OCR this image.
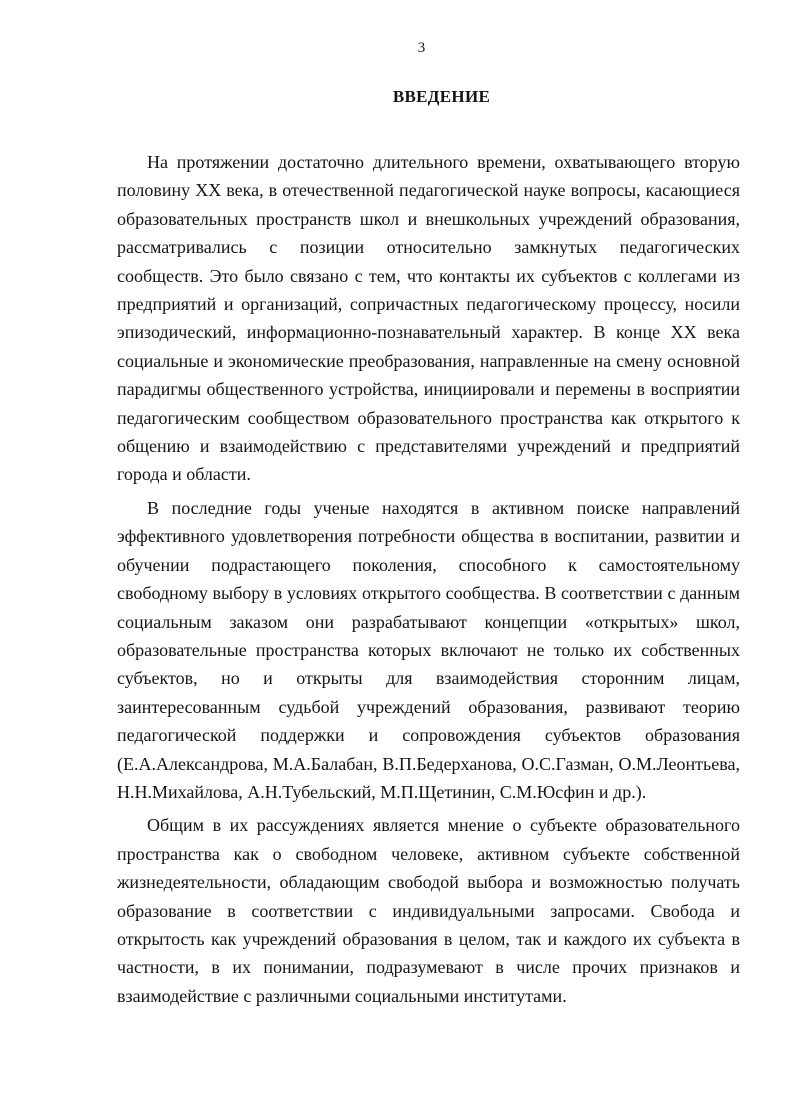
3
ВВЕДЕНИЕ

На протяжении достаточно длительного времени, охватывающего вторую половину XX века, в отечественной педагогической науке вопросы, касающиеся образовательных пространств школ и внешкольных учреждений образования, рассматривались с позиции относительно замкнутых педагогических сообществ. Это было связано с тем, что контакты их субъектов с коллегами из предприятий и организаций, сопричастных педагогическому процессу, носили эпизодический, информационно-познавательный характер. В конце XX века социальные и экономические преобразования, направленные на смену основной парадигмы общественного устройства, инициировали и перемены в восприятии педагогическим сообществом образовательного пространства как открытого к общению и взаимодействию с представителями учреждений и предприятий города и области.

В последние годы ученые находятся в активном поиске направлений эффективного удовлетворения потребности общества в воспитании, развитии и обучении подрастающего поколения, способного к самостоятельному свободному выбору в условиях открытого сообщества. В соответствии с данным социальным заказом они разрабатывают концепции «открытых» школ, образовательные пространства которых включают не только их собственных субъектов, но и открыты для взаимодействия сторонним лицам, заинтересованным судьбой учреждений образования, развивают теорию педагогической поддержки и сопровождения субъектов образования (Е.А.Александрова, М.А.Балабан, В.П.Бедерханова, О.С.Газман, О.М.Леонтьева, Н.Н.Михайлова, А.Н.Тубельский, М.П.Щетинин, С.М.Юсфин и др.).

Общим в их рассуждениях является мнение о субъекте образовательного пространства как о свободном человеке, активном субъекте собственной жизнедеятельности, обладающим свободой выбора и возможностью получать образование в соответствии с индивидуальными запросами. Свобода и открытость как учреждений образования в целом, так и каждого их субъекта в частности, в их понимании, подразумевают в числе прочих признаков и взаимодействие с различными социальными институтами.
